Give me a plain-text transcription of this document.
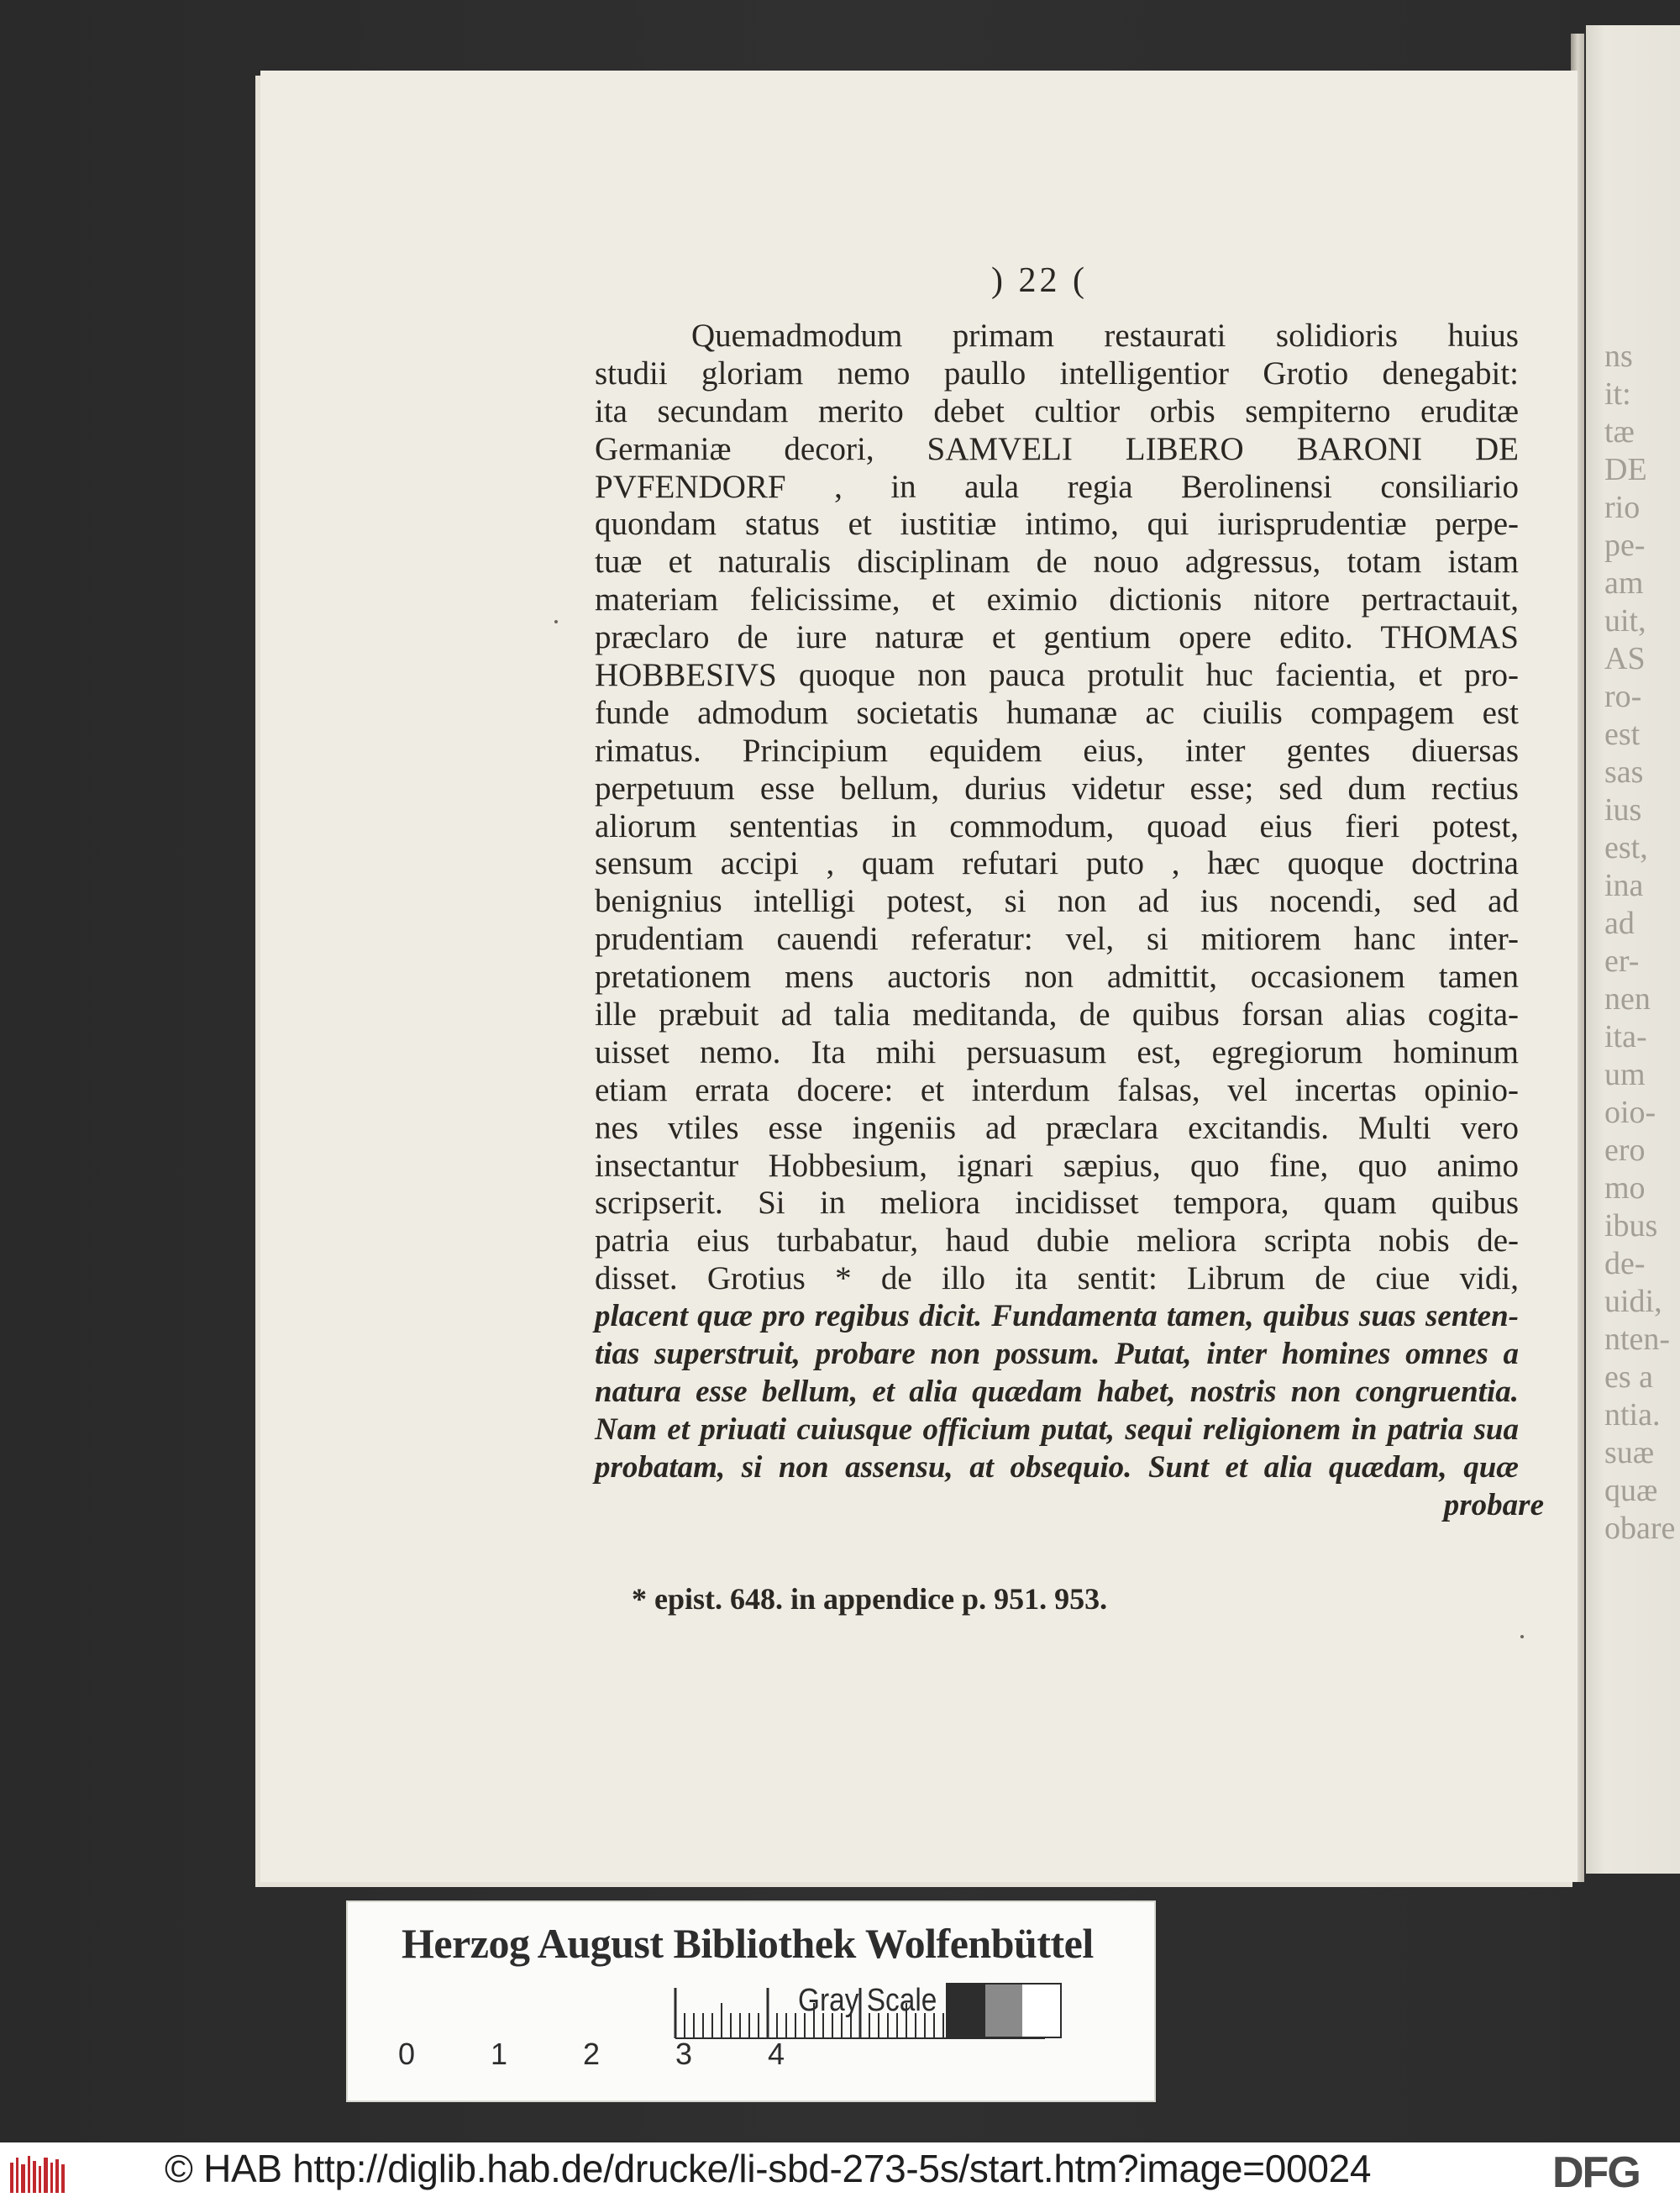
ns
it:
tæ
DE
rio
pe-
am
uit,
AS
ro-
est
sas
ius
est,
ina
ad
er-
nen
ita-
um
oio-
ero
mo
ibus
de-
uidi,
nten-
es a
ntia.
suæ
quæ
obare
) 22 (
Quemadmodum primam restaurati solidioris huius
studii gloriam nemo paullo intelligentior Grotio denegabit:
ita secundam merito debet cultior orbis sempiterno eruditæ
Germaniæ decori, SAMVELI LIBERO BARONI DE
PVFENDORF , in aula regia Berolinensi consiliario
quondam status et iustitiæ intimo, qui iurisprudentiæ perpe-
tuæ et naturalis disciplinam de nouo adgressus, totam istam
materiam felicissime, et eximio dictionis nitore pertractauit,
præclaro de iure naturæ et gentium opere edito. THOMAS
HOBBESIVS quoque non pauca protulit huc facientia, et pro-
funde admodum societatis humanæ ac ciuilis compagem est
rimatus. Principium equidem eius, inter gentes diuersas
perpetuum esse bellum, durius videtur esse; sed dum rectius
aliorum sententias in commodum, quoad eius fieri potest,
sensum accipi , quam refutari puto , hæc quoque doctrina
benignius intelligi potest, si non ad ius nocendi, sed ad
prudentiam cauendi referatur: vel, si mitiorem hanc inter-
pretationem mens auctoris non admittit, occasionem tamen
ille præbuit ad talia meditanda, de quibus forsan alias cogita-
uisset nemo. Ita mihi persuasum est, egregiorum hominum
etiam errata docere: et interdum falsas, vel incertas opinio-
nes vtiles esse ingeniis ad præclara excitandis. Multi vero
insectantur Hobbesium, ignari sæpius, quo fine, quo animo
scripserit. Si in meliora incidisset tempora, quam quibus
patria eius turbabatur, haud dubie meliora scripta nobis de-
disset. Grotius * de illo ita sentit: Librum de ciue vidi,
placent quæ pro regibus dicit. Fundamenta tamen, quibus suas senten-
tias superstruit, probare non possum. Putat, inter homines omnes a
natura esse bellum, et alia quædam habet, nostris non congruentia.
Nam et priuati cuiusque officium putat, sequi religionem in patria sua
probatam, si non assensu, at obsequio. Sunt et alia quædam, quæ
probare
* epist. 648. in appendice p. 951. 953.
Herzog August Bibliothek Wolfenbüttel
0 1 2 3 4
Gray Scale
© HAB http://diglib.hab.de/drucke/li-sbd-273-5s/start.htm?image=00024	DFG
